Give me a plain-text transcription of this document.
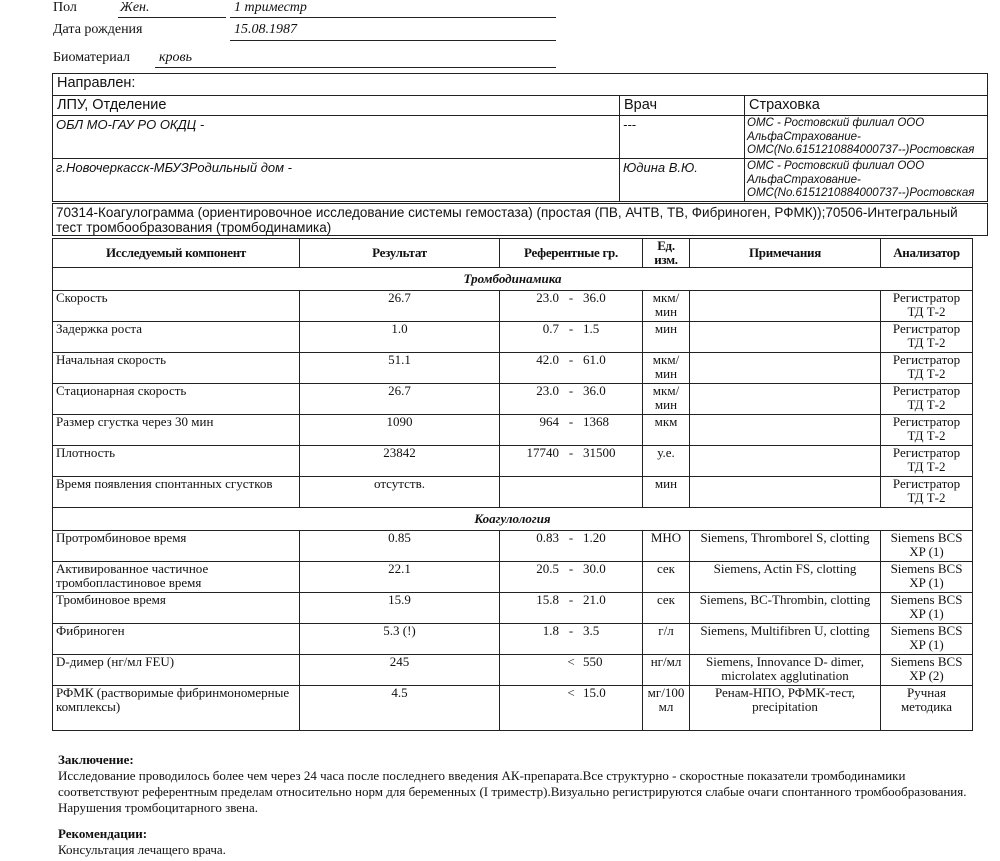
Пол	Жен.	1 триместр
Дата рождения	15.08.1987
Биоматериал кровь
Направлен:
ЛПУ, Отделение	Врач	Страховка
ОБЛ МО-ГАУ РО ОКДЦ -	---	ОМС - Ростовский филиал ООО АльфаСтрахование-ОМС(No.615121088400073​7--)Ростовская
г.Новочеркасск-МБУЗРодильный дом -	Юдина В.Ю.	ОМС - Ростовский филиал ООО АльфаСтрахование-ОМС(No.615121088400073​7--)Ростовская
70314-Коагулограмма (ориентировочное исследование системы гемостаза) (простая (ПВ, АЧТВ, ТВ, Фибриноген, РФМК));70506-Интегральный тест тромбообразования (тромбодинамика)
Исследуемый компонент	Результат	Референтные гр.	Ед. изм.	Примечания	Анализатор
Тромбодинамика					
Скорость	26.7	23.0 - 36.0	мкм/мин		Регистратор ТД Т-2
Задержка роста	1.0	0.7 - 1.5	мин		Регистратор ТД Т-2
Начальная скорость	51.1	42.0 - 61.0	мкм/мин		Регистратор ТД Т-2
Стационарная скорость	26.7	23.0 - 36.0	мкм/мин		Регистратор ТД Т-2
Размер сгустка через 30 мин	1090	964 - 1368	мкм		Регистратор ТД Т-2
Плотность	23842	17740 - 31500	у.е.		Регистратор ТД Т-2
Время появления спонтанных сгустков	отсутств.		мин		Регистратор ТД Т-2
Коагулология					
Протромбиновое время	0.85	0.83 - 1.20	МНО	Siemens, Thromborel S, clotting	Siemens BCS XP (1)
Активированное частичное тромбопластиновое время	22.1	20.5 - 30.0	сек	Siemens, Actin FS, clotting	Siemens BCS XP (1)
Тромбиновое время	15.9	15.8 - 21.0	сек	Siemens, BC-Thrombin, clotting	Siemens BCS XP (1)
Фибриноген	5.3 (!)	1.8 - 3.5	г/л	Siemens, Multifibren U, clotting	Siemens BCS XP (1)
D-димер (нг/мл FEU)	245	< 550	нг/мл	Siemens, Innovance D- dimer, microlatex agglutination	Siemens BCS XP (2)
РФМК (растворимые фибринмономерные комплексы)	4.5	< 15.0	мг/100 мл	Ренам-НПО, РФМК-тест, precipitation	Ручная методика
Заключение:
Исследование проводилось более чем через 24 часа после последнего введения АК-препарата.Все структурно - скоростные показатели тромбодинамики соответствуют референтным пределам относительно норм для беременных (I триместр).Визуально регистрируются слабые очаги спонтанного тромбообразования. Нарушения тромбоцитарного звена.
Рекомендации:
Консультация лечащего врача.
